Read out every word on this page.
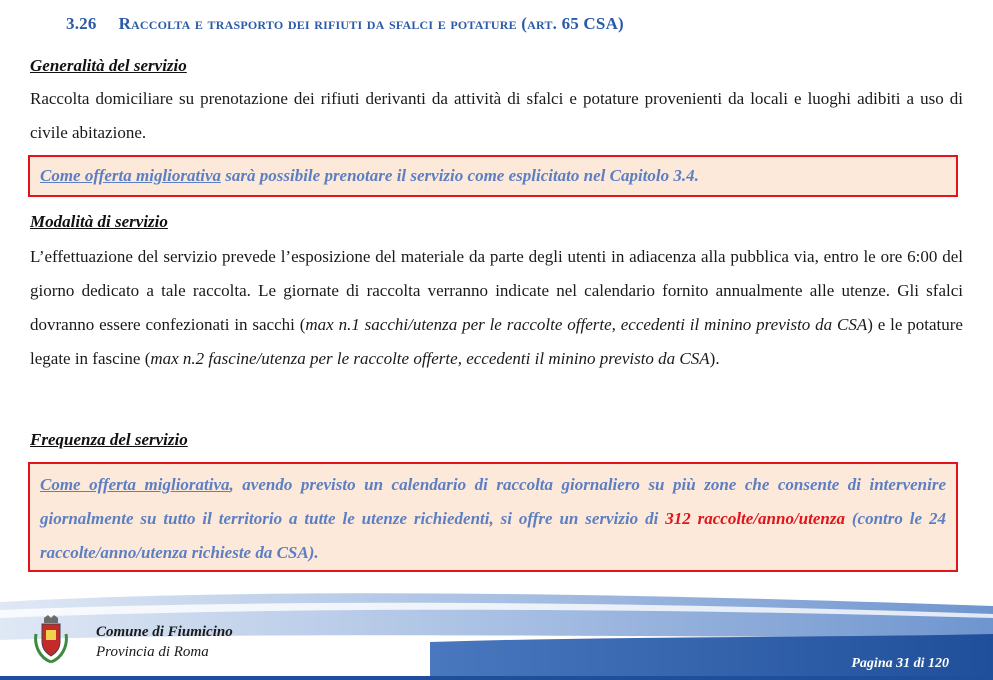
3.26 Raccolta e trasporto dei rifiuti da sfalci e potature (art. 65 CSA)
Generalità del servizio
Raccolta domiciliare su prenotazione dei rifiuti derivanti da attività di sfalci e potature provenienti da locali e luoghi adibiti a uso di civile abitazione.
Come offerta migliorativa sarà possibile prenotare il servizio come esplicitato nel Capitolo 3.4.
Modalità di servizio
L’effettuazione del servizio prevede l’esposizione del materiale da parte degli utenti in adiacenza alla pubblica via, entro le ore 6:00 del giorno dedicato a tale raccolta. Le giornate di raccolta verranno indicate nel calendario fornito annualmente alle utenze. Gli sfalci dovranno essere confezionati in sacchi (max n.1 sacchi/utenza per le raccolte offerte, eccedenti il minino previsto da CSA) e le potature legate in fascine (max n.2 fascine/utenza per le raccolte offerte, eccedenti il minino previsto da CSA).
Frequenza del servizio
Come offerta migliorativa, avendo previsto un calendario di raccolta giornaliero su più zone che consente di intervenire giornalmente su tutto il territorio a tutte le utenze richiedenti, si offre un servizio di 312 raccolte/anno/utenza (contro le 24 raccolte/anno/utenza richieste da CSA).
Comune di Fiumicino
Provincia di Roma
Pagina 31 di 120
